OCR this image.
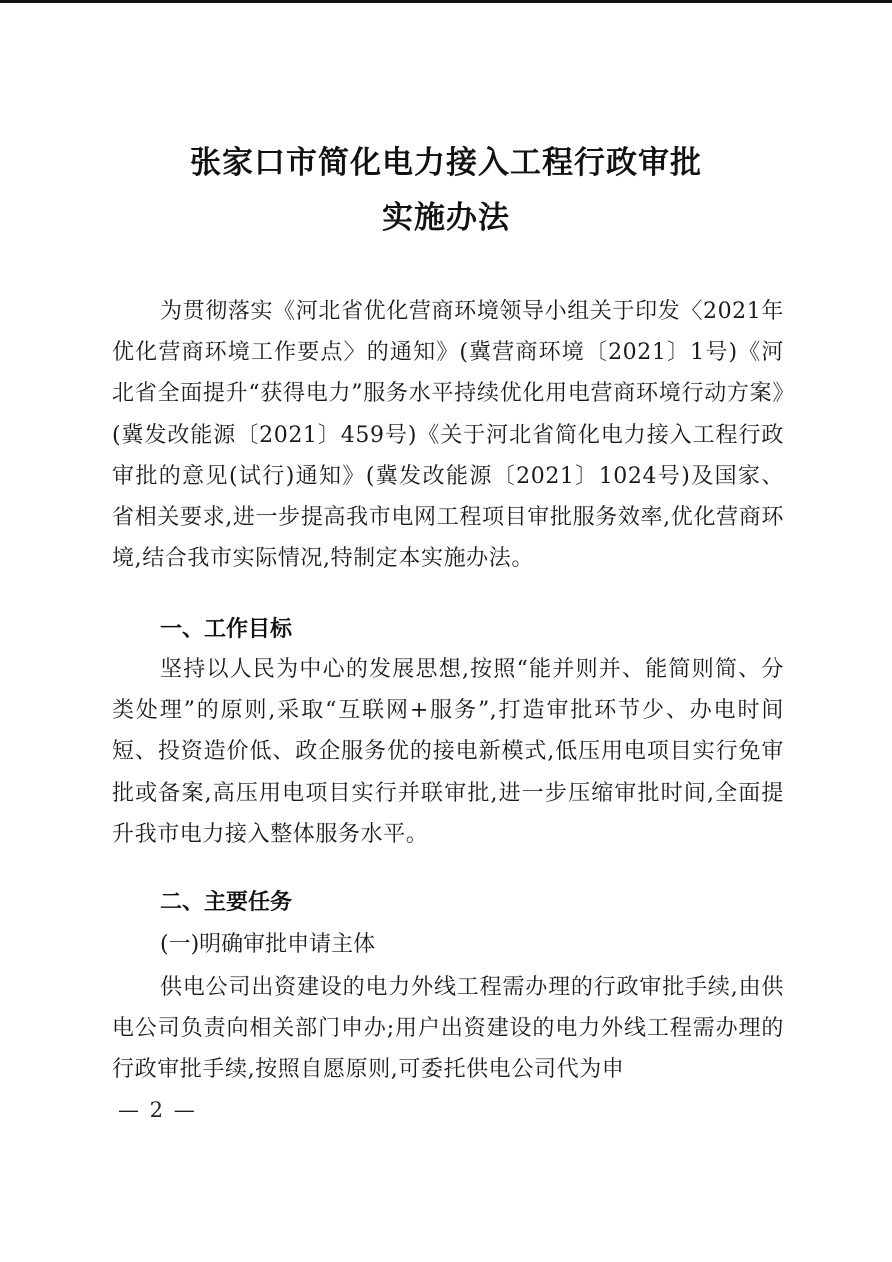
张家口市简化电力接入工程行政审批
实施办法

为贯彻落实《河北省优化营商环境领导小组关于印发〈2021年优化营商环境工作要点〉的通知》(冀营商环境〔2021〕1号)《河北省全面提升“获得电力”服务水平持续优化用电营商环境行动方案》(冀发改能源〔2021〕459号)《关于河北省简化电力接入工程行政审批的意见(试行)通知》(冀发改能源〔2021〕1024号)及国家、省相关要求,进一步提高我市电网工程项目审批服务效率,优化营商环境,结合我市实际情况,特制定本实施办法。

一、工作目标

坚持以人民为中心的发展思想,按照“能并则并、能简则简、分类处理”的原则,采取“互联网+服务”,打造审批环节少、办电时间短、投资造价低、政企服务优的接电新模式,低压用电项目实行免审批或备案,高压用电项目实行并联审批,进一步压缩审批时间,全面提升我市电力接入整体服务水平。

二、主要任务

(一)明确审批申请主体

供电公司出资建设的电力外线工程需办理的行政审批手续,由供电公司负责向相关部门申办;用户出资建设的电力外线工程需办理的行政审批手续,按照自愿原则,可委托供电公司代为申

— 2 —
